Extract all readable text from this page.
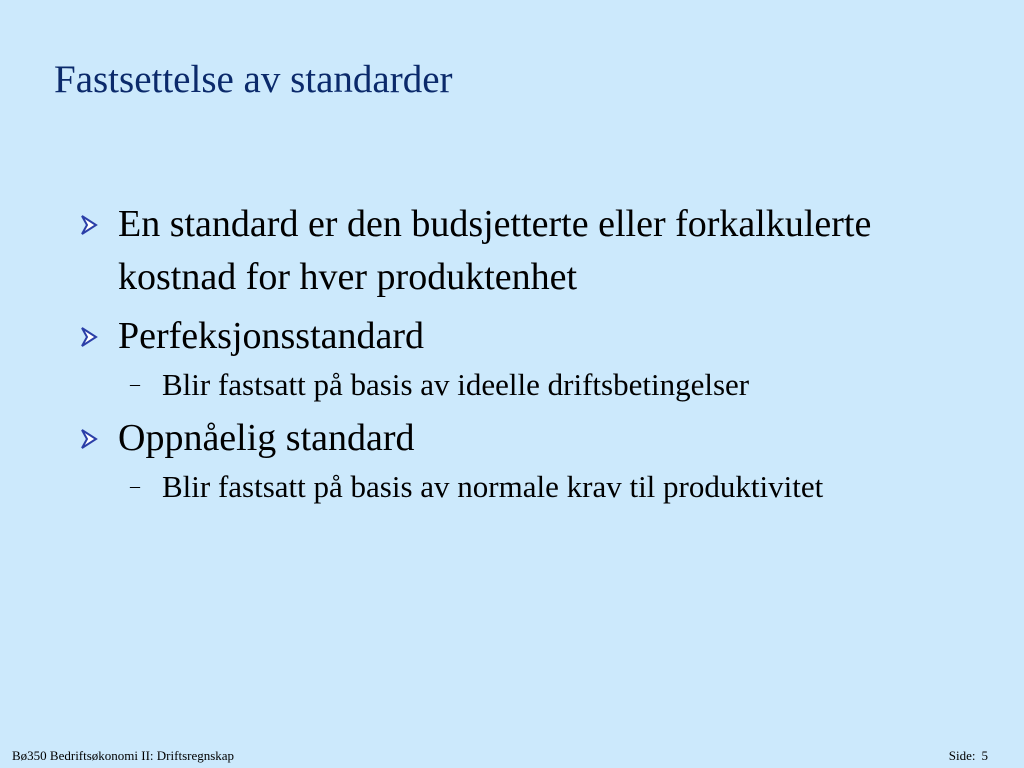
Fastsettelse av standarder
En standard er den budsjetterte eller forkalkulerte kostnad for hver produktenhet
Perfeksjonsstandard
– Blir fastsatt på basis av ideelle driftsbetingelser
Oppnåelig standard
– Blir fastsatt på basis av normale krav til produktivitet
Bø350 Bedriftsøkonomi II: Driftsregnskap	Side: 5
